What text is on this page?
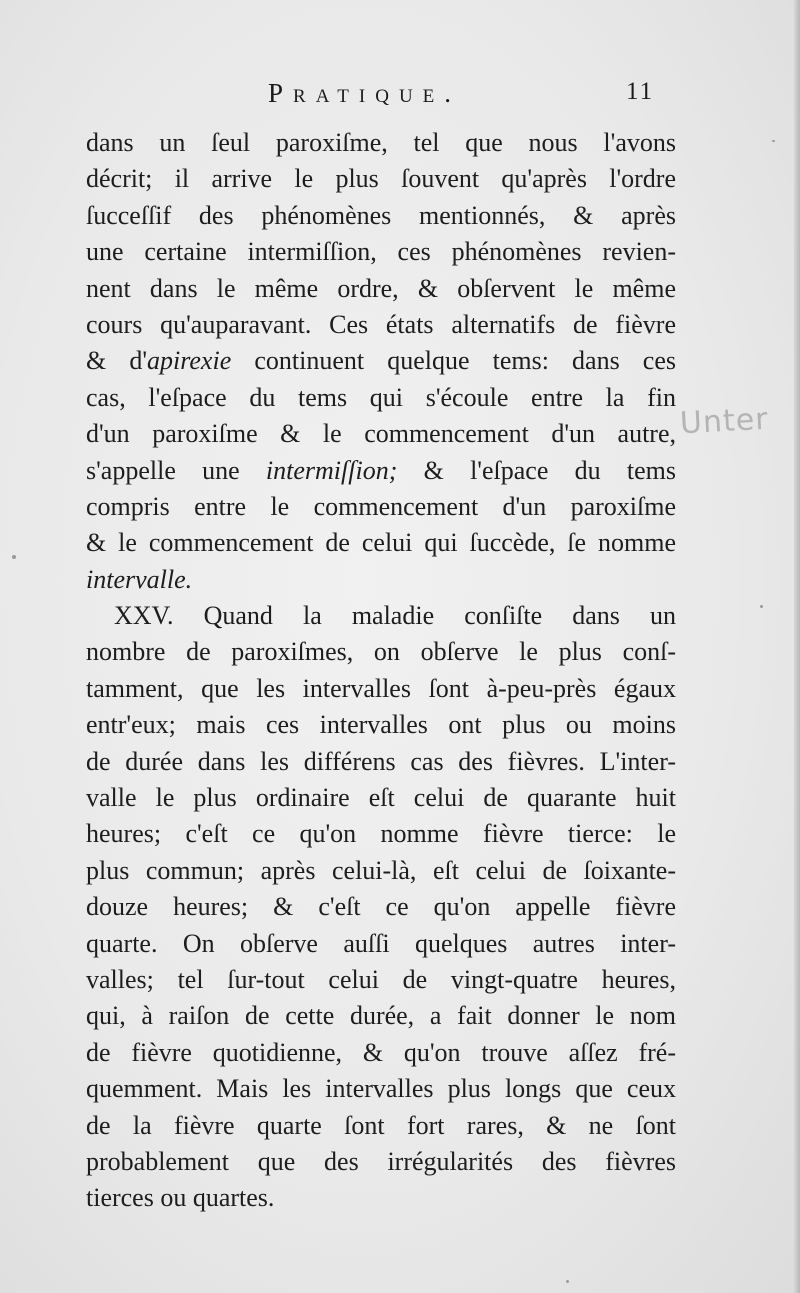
Pratique.	11
Unter
dans un ſeul paroxiſme, tel que nous l'avons
décrit; il arrive le plus ſouvent qu'après l'ordre
ſucceſſif des phénomènes mentionnés, & après
une certaine intermiſſion, ces phénomènes revien-
nent dans le même ordre, & obſervent le même
cours qu'auparavant. Ces états alternatifs de fièvre
& d'apirexie continuent quelque tems: dans ces
cas, l'eſpace du tems qui s'écoule entre la fin
d'un paroxiſme & le commencement d'un autre,
s'appelle une intermiſſion; & l'eſpace du tems
compris entre le commencement d'un paroxiſme
& le commencement de celui qui ſuccède, ſe nomme
intervalle.
XXV. Quand la maladie conſiſte dans un
nombre de paroxiſmes, on obſerve le plus conſ-
tamment, que les intervalles ſont à-peu-près égaux
entr'eux; mais ces intervalles ont plus ou moins
de durée dans les différens cas des fièvres. L'inter-
valle le plus ordinaire eſt celui de quarante huit
heures; c'eſt ce qu'on nomme fièvre tierce: le
plus commun; après celui-là, eſt celui de ſoixante-
douze heures; & c'eſt ce qu'on appelle fièvre
quarte. On obſerve auſſi quelques autres inter-
valles; tel ſur-tout celui de vingt-quatre heures,
qui, à raiſon de cette durée, a fait donner le nom
de fièvre quotidienne, & qu'on trouve aſſez fré-
quemment. Mais les intervalles plus longs que ceux
de la fièvre quarte ſont fort rares, & ne ſont
probablement que des irrégularités des fièvres
tierces ou quartes.
